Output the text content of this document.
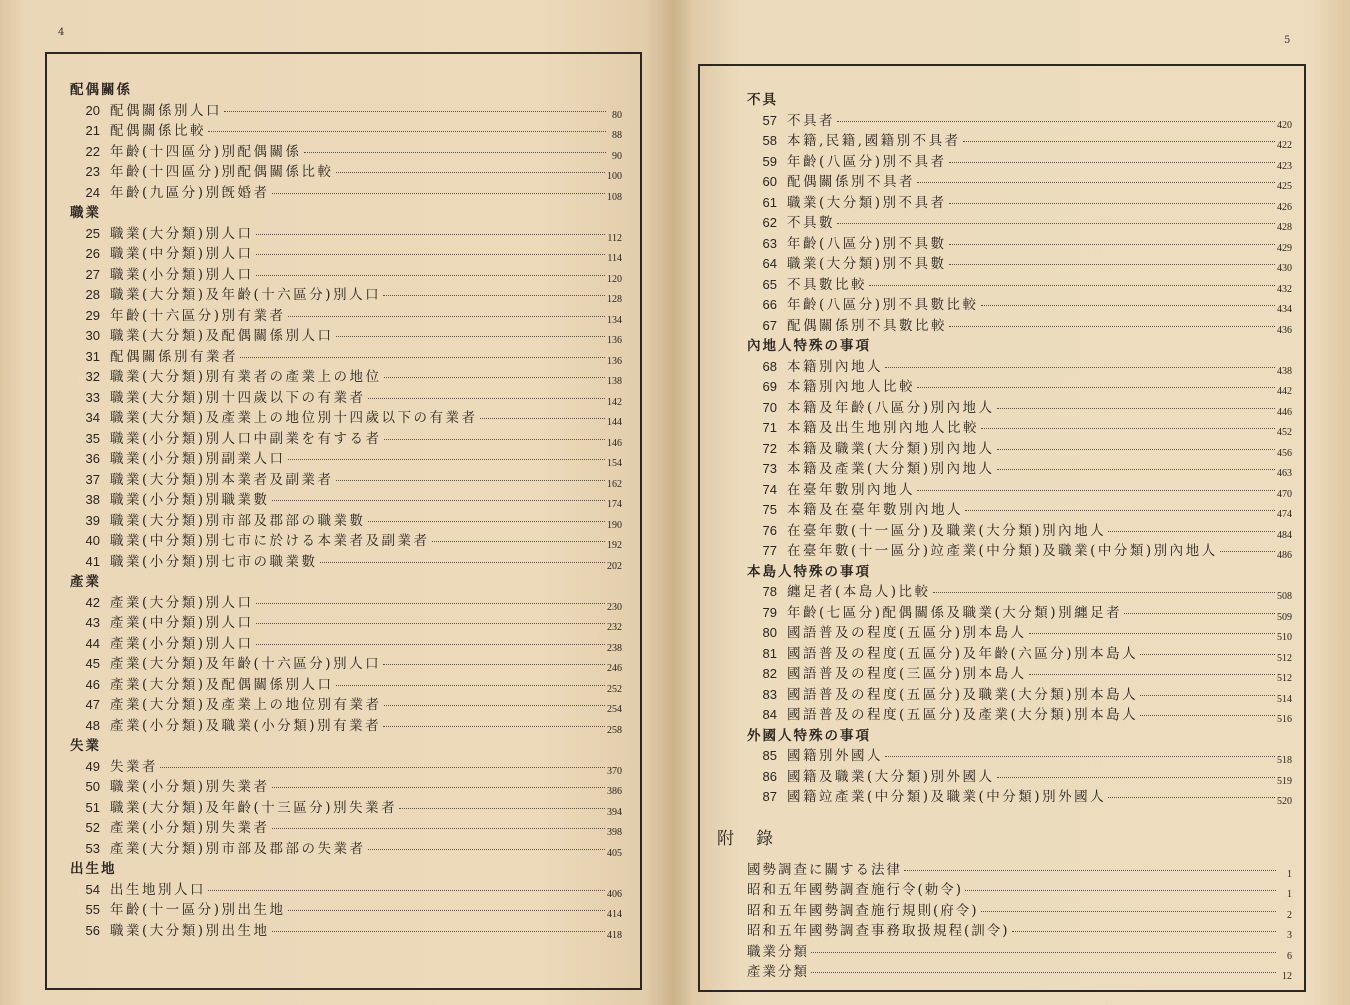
4
配偶關係
20 配偶關係別人口	80
21 配偶關係比較	88
22 年齡(十四區分)別配偶關係	90
23 年齡(十四區分)別配偶關係比較	100
24 年齡(九區分)別旣婚者	108
職業
25 職業(大分類)別人口	112
26 職業(中分類)別人口	114
27 職業(小分類)別人口	120
28 職業(大分類)及年齡(十六區分)別人口	128
29 年齡(十六區分)別有業者	134
30 職業(大分類)及配偶關係別人口	136
31 配偶關係別有業者	136
32 職業(大分類)別有業者の產業上の地位	138
33 職業(大分類)別十四歲以下の有業者	142
34 職業(大分類)及產業上の地位別十四歲以下の有業者	144
35 職業(小分類)別人口中副業を有する者	146
36 職業(小分類)別副業人口	154
37 職業(大分類)別本業者及副業者	162
38 職業(小分類)別職業數	174
39 職業(大分類)別市部及郡部の職業數	190
40 職業(中分類)別七市に於ける本業者及副業者	192
41 職業(小分類)別七市の職業數	202
產業
42 產業(大分類)別人口	230
43 產業(中分類)別人口	232
44 產業(小分類)別人口	238
45 產業(大分類)及年齡(十六區分)別人口	246
46 產業(大分類)及配偶關係別人口	252
47 產業(大分類)及產業上の地位別有業者	254
48 產業(小分類)及職業(小分類)別有業者	258
失業
49 失業者	370
50 職業(小分類)別失業者	386
51 職業(大分類)及年齡(十三區分)別失業者	394
52 產業(小分類)別失業者	398
53 產業(大分類)別市部及郡部の失業者	405
出生地
54 出生地別人口	406
55 年齡(十一區分)別出生地	414
56 職業(大分類)別出生地	418
5
不具
57 不具者	420
58 本籍,民籍,國籍別不具者	422
59 年齡(八區分)別不具者	423
60 配偶關係別不具者	425
61 職業(大分類)別不具者	426
62 不具數	428
63 年齡(八區分)別不具數	429
64 職業(大分類)別不具數	430
65 不具數比較	432
66 年齡(八區分)別不具數比較	434
67 配偶關係別不具數比較	436
內地人特殊の事項
68 本籍別內地人	438
69 本籍別內地人比較	442
70 本籍及年齡(八區分)別內地人	446
71 本籍及出生地別內地人比較	452
72 本籍及職業(大分類)別內地人	456
73 本籍及產業(大分類)別內地人	463
74 在臺年數別內地人	470
75 本籍及在臺年數別內地人	474
76 在臺年數(十一區分)及職業(大分類)別內地人	484
77 在臺年數(十一區分)竝產業(中分類)及職業(中分類)別內地人	486
本島人特殊の事項
78 纏足者(本島人)比較	508
79 年齡(七區分)配偶關係及職業(大分類)別纏足者	509
80 國語普及の程度(五區分)別本島人	510
81 國語普及の程度(五區分)及年齡(六區分)別本島人	512
82 國語普及の程度(三區分)別本島人	512
83 國語普及の程度(五區分)及職業(大分類)別本島人	514
84 國語普及の程度(五區分)及產業(大分類)別本島人	516
外國人特殊の事項
85 國籍別外國人	518
86 國籍及職業(大分類)別外國人	519
87 國籍竝產業(中分類)及職業(中分類)別外國人	520
附錄
國勢調查に關する法律	1
昭和五年國勢調查施行令(勅令)	1
昭和五年國勢調查施行規則(府令)	2
昭和五年國勢調查事務取扱規程(訓令)	3
職業分類	6
產業分類	12
